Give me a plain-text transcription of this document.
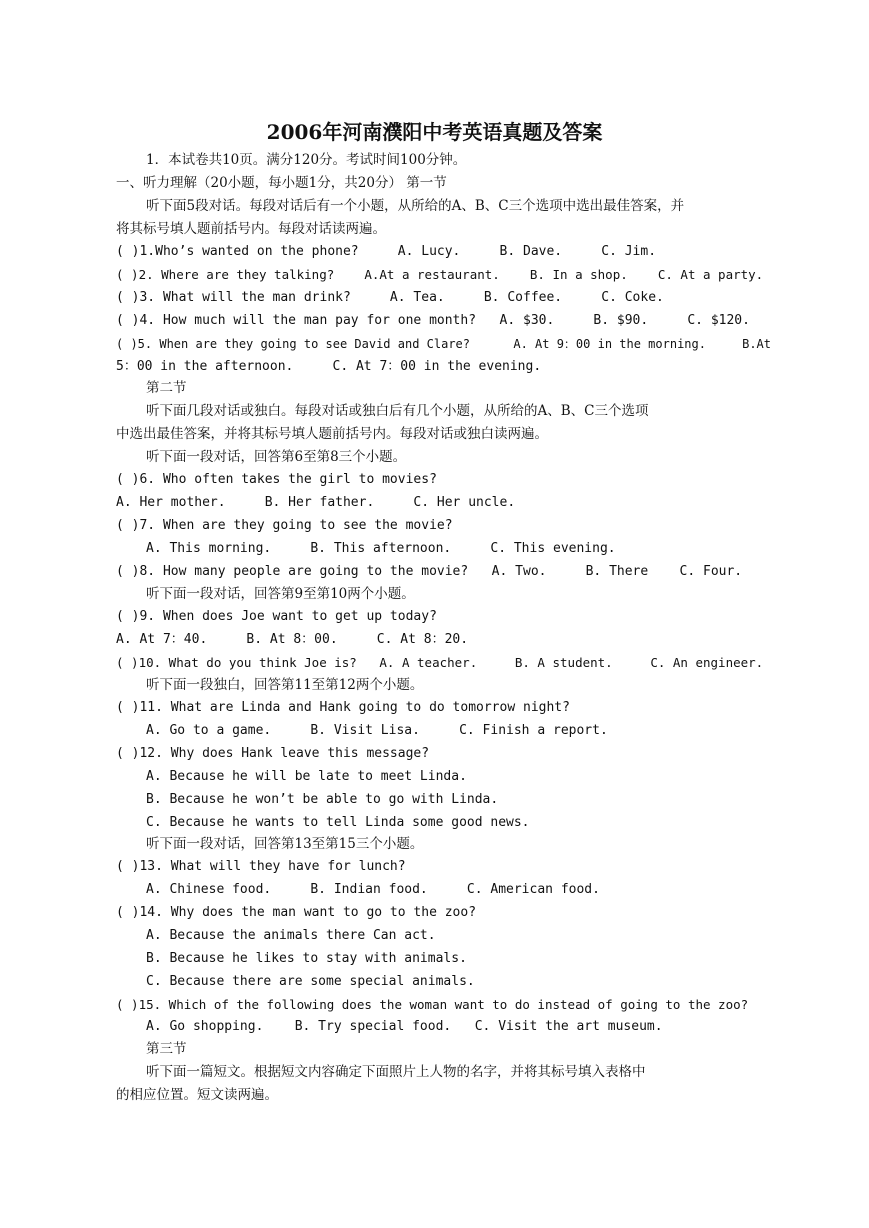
2006年河南濮阳中考英语真题及答案
1．本试卷共10页。满分120分。考试时间100分钟。
一、听力理解（20小题，每小题1分，共20分） 第一节
听下面5段对话。每段对话后有一个小题，从所给的A、B、C三个选项中选出最佳答案，并
将其标号填人题前括号内。每段对话读两遍。
( )1.Who’s wanted on the phone?     A. Lucy.     B. Dave.     C. Jim.
( )2. Where are they talking?    A.At a restaurant.    B. In a shop.    C. At a party.
( )3. What will the man drink?     A. Tea.     B. Coffee.     C. Coke.
( )4. How much will the man pay for one month?   A. $30.     B. $90.     C. $120.
( )5. When are they going to see David and Clare?      A. At 9：00 in the morning.     B.At
5：00 in the afternoon.     C. At 7：00 in the evening.
第二节
听下面几段对话或独白。每段对话或独白后有几个小题，从所给的A、B、C三个选项
中选出最佳答案，并将其标号填人题前括号内。每段对话或独白读两遍。
听下面一段对话，回答第6至第8三个小题。
( )6. Who often takes the girl to movies?
A. Her mother.     B. Her father.     C. Her uncle.
( )7. When are they going to see the movie?
A. This morning.     B. This afternoon.     C. This evening.
( )8. How many people are going to the movie?   A. Two.     B. There    C. Four.
听下面一段对话，回答第9至第10两个小题。
( )9. When does Joe want to get up today?
A. At 7：40.     B. At 8：00.     C. At 8：20.
( )10. What do you think Joe is?   A. A teacher.     B. A student.     C. An engineer.
听下面一段独白，回答第11至第12两个小题。
( )11. What are Linda and Hank going to do tomorrow night?
A. Go to a game.     B. Visit Lisa.     C. Finish a report.
( )12. Why does Hank leave this message?
A. Because he will be late to meet Linda.
B. Because he won’t be able to go with Linda.
C. Because he wants to tell Linda some good news.
听下面一段对话，回答第13至第15三个小题。
( )13. What will they have for lunch?
A. Chinese food.     B. Indian food.     C. American food.
( )14. Why does the man want to go to the zoo?
A. Because the animals there Can act.
B. Because he likes to stay with animals.
C. Because there are some special animals.
( )15. Which of the following does the woman want to do instead of going to the zoo?
A. Go shopping.    B. Try special food.   C. Visit the art museum.
第三节
听下面一篇短文。根据短文内容确定下面照片上人物的名字，并将其标号填入表格中
的相应位置。短文读两遍。
